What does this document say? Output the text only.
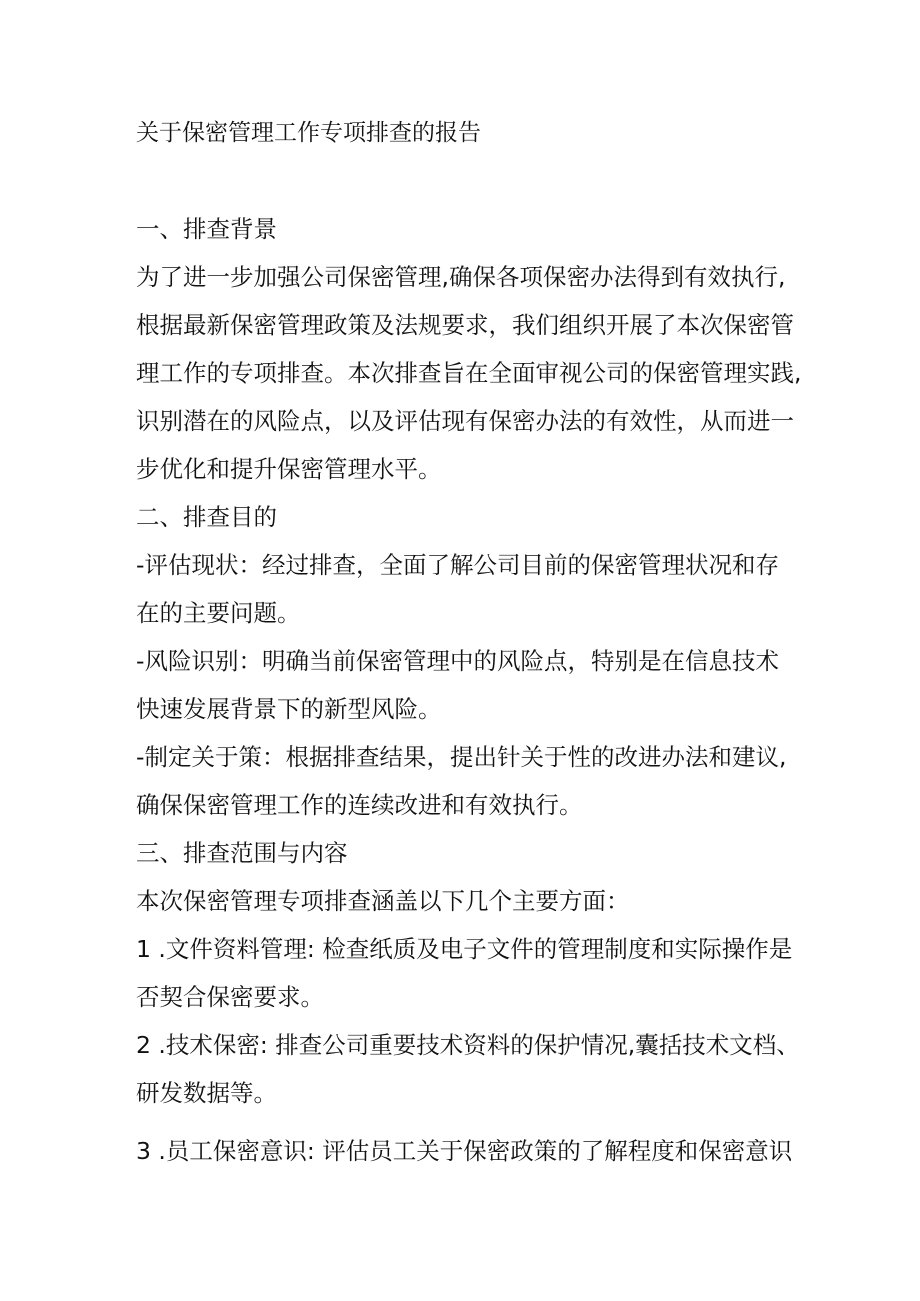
关于保密管理工作专项排查的报告
一、排查背景
为了进一步加强公司保密管理,确保各项保密办法得到有效执行,
根据最新保密管理政策及法规要求，我们组织开展了本次保密管
理工作的专项排查。本次排查旨在全面审视公司的保密管理实践,
识别潜在的风险点，以及评估现有保密办法的有效性，从而进一
步优化和提升保密管理水平。
二、排查目的
-评估现状：经过排查，全面了解公司目前的保密管理状况和存
在的主要问题。
-风险识别：明确当前保密管理中的风险点，特别是在信息技术
快速发展背景下的新型风险。
-制定关于策：根据排查结果，提出针关于性的改进办法和建议,
确保保密管理工作的连续改进和有效执行。
三、排查范围与内容
本次保密管理专项排查涵盖以下几个主要方面：
1 .文件资料管理: 检查纸质及电子文件的管理制度和实际操作是
否契合保密要求。
2 .技术保密: 排查公司重要技术资料的保护情况,囊括技术文档、
研发数据等。
3 .员工保密意识: 评估员工关于保密政策的了解程度和保密意识
